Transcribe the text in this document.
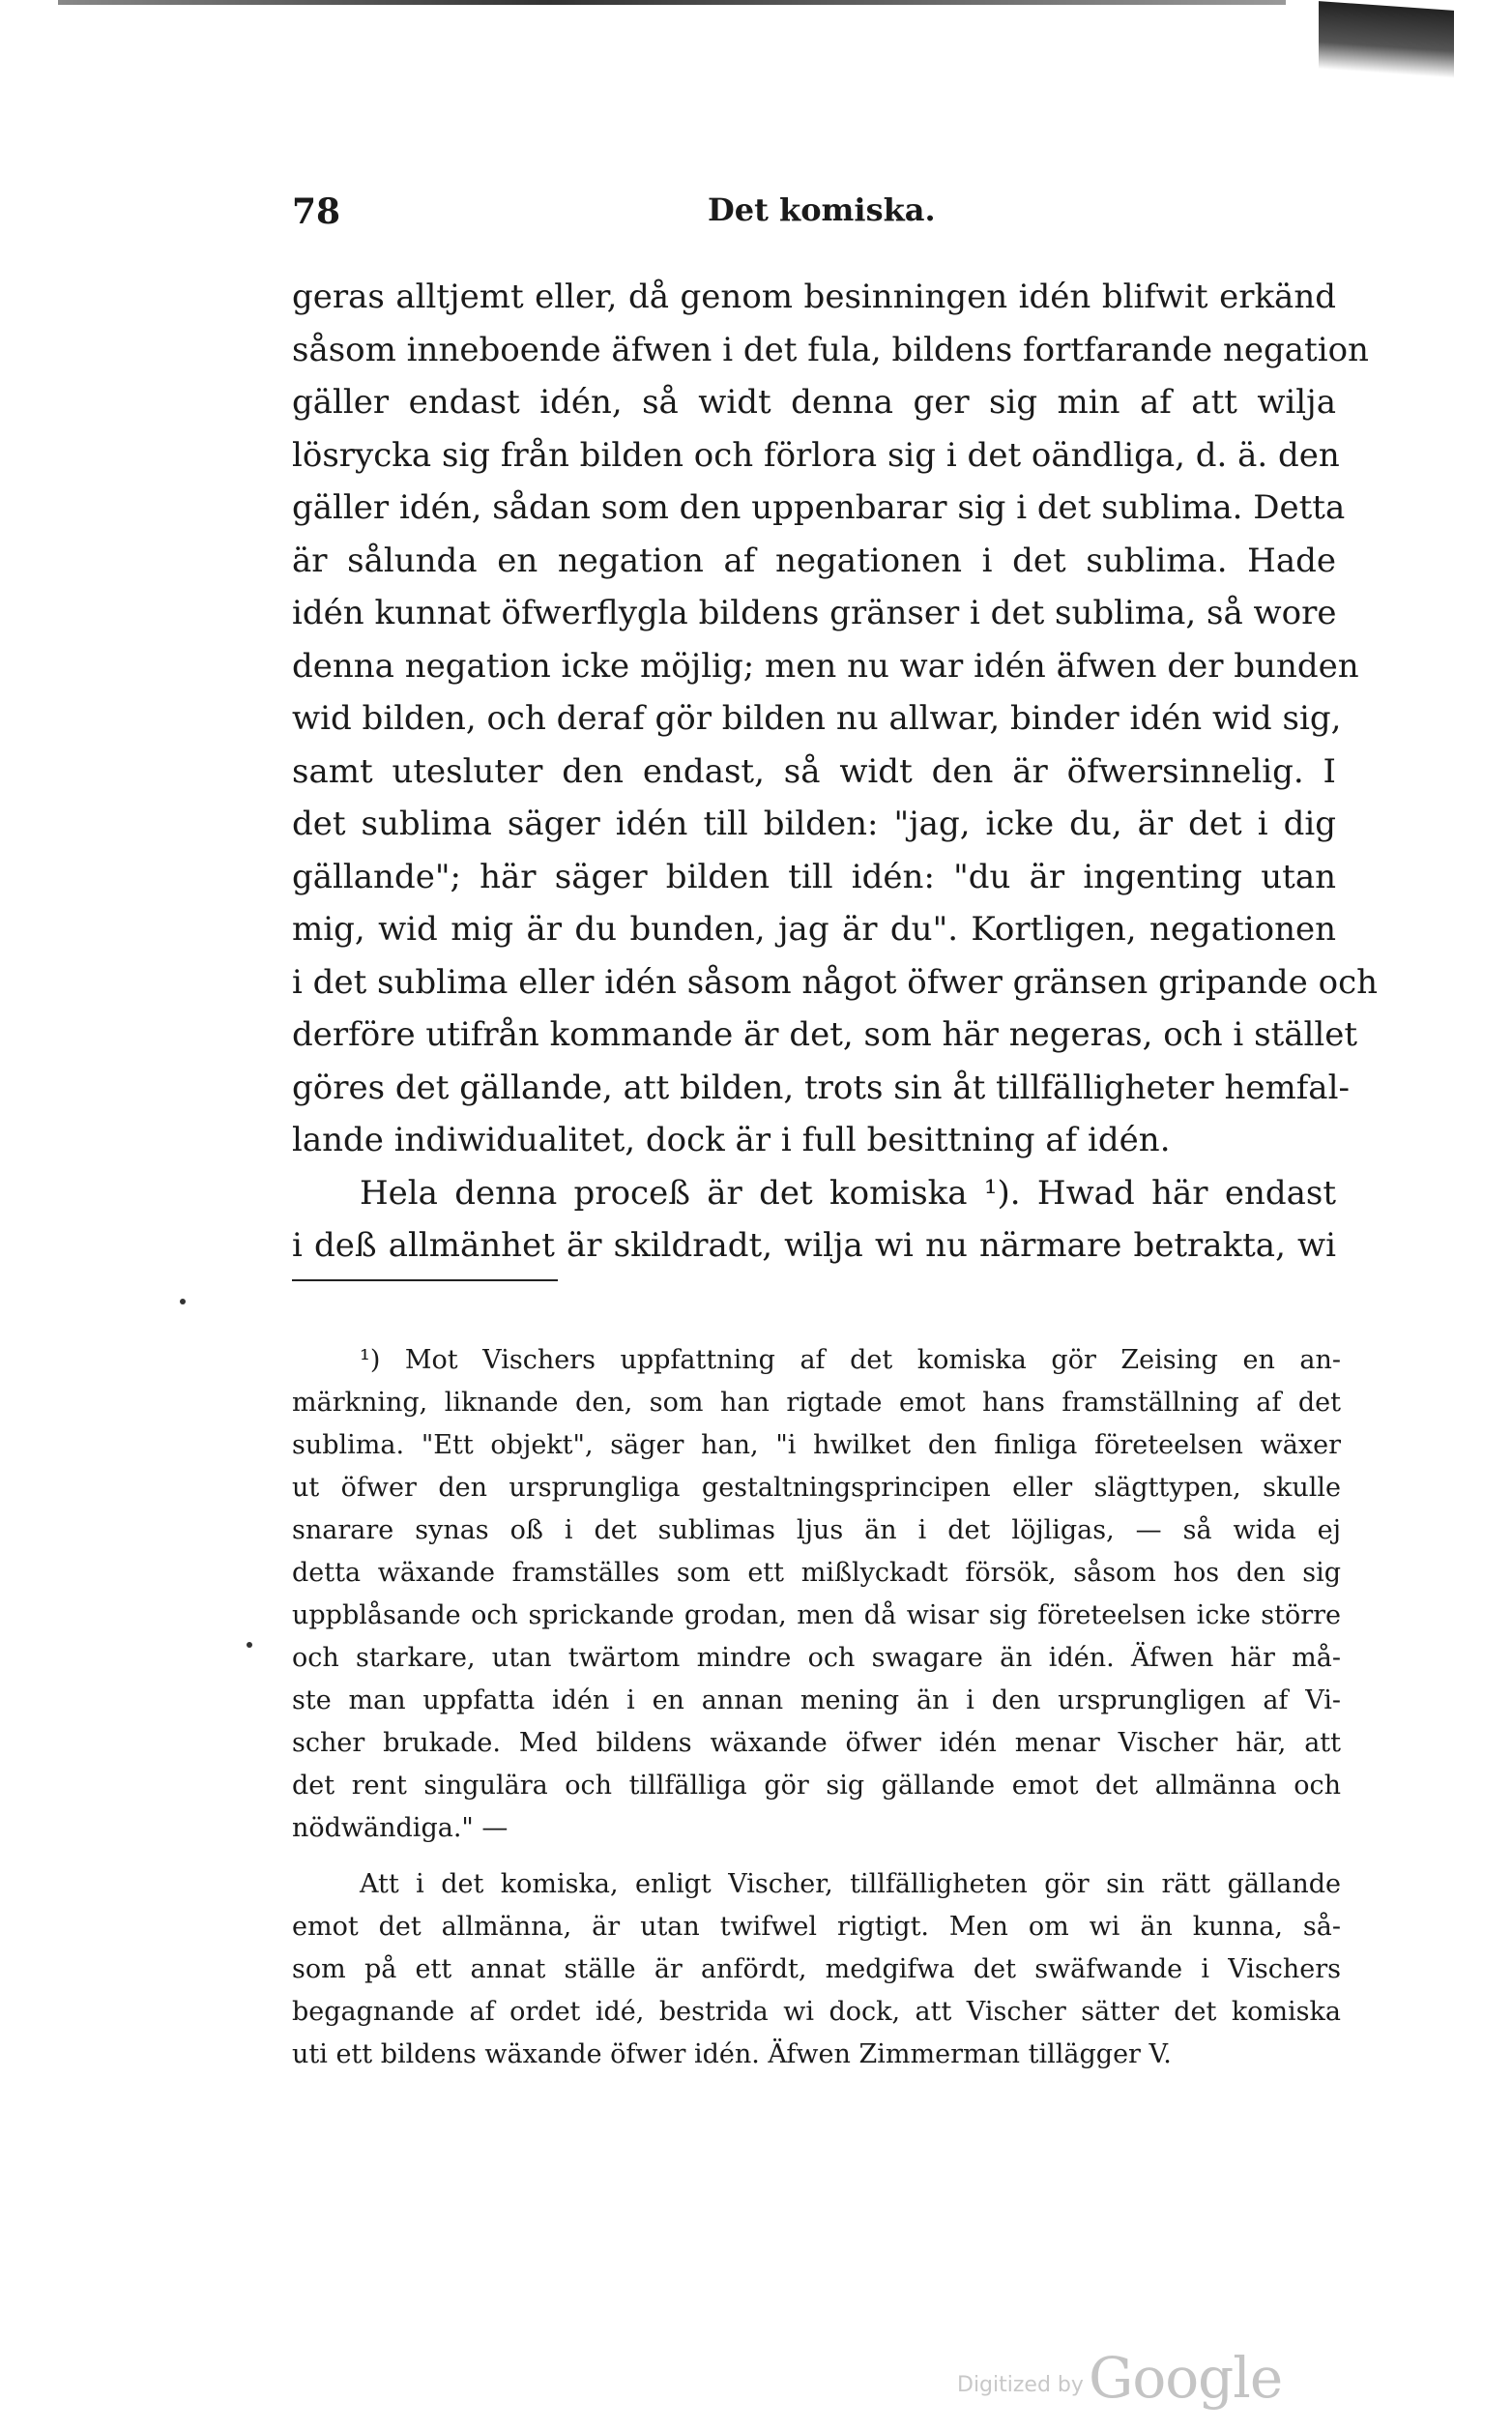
78	Det komiska.
geras alltjemt eller, då genom besinningen idén blifwit erkänd
såsom inneboende äfwen i det fula, bildens fortfarande negation
gäller endast idén, så widt denna ger sig min af att wilja
lösrycka sig från bilden och förlora sig i det oändliga, d. ä. den
gäller idén, sådan som den uppenbarar sig i det sublima. Detta
är sålunda en negation af negationen i det sublima. Hade
idén kunnat öfwerflygla bildens gränser i det sublima, så wore
denna negation icke möjlig; men nu war idén äfwen der bunden
wid bilden, och deraf gör bilden nu allwar, binder idén wid sig,
samt utesluter den endast, så widt den är öfwersinnelig. I
det sublima säger idén till bilden: "jag, icke du, är det i dig
gällande"; här säger bilden till idén: "du är ingenting utan
mig, wid mig är du bunden, jag är du". Kortligen, negationen
i det sublima eller idén såsom något öfwer gränsen gripande och
derföre utifrån kommande är det, som här negeras, och i stället
göres det gällande, att bilden, trots sin åt tillfälligheter hemfal-
lande indiwidualitet, dock är i full besittning af idén.
Hela denna proceß är det komiska ¹). Hwad här endast
i deß allmänhet är skildradt, wilja wi nu närmare betrakta, wi
¹) Mot Vischers uppfattning af det komiska gör Zeising en an-
märkning, liknande den, som han rigtade emot hans framställning af det
sublima. "Ett objekt", säger han, "i hwilket den finliga företeelsen wäxer
ut öfwer den ursprungliga gestaltningsprincipen eller slägttypen, skulle
snarare synas oß i det sublimas ljus än i det löjligas, — så wida ej
detta wäxande framställes som ett mißlyckadt försök, såsom hos den sig
uppblåsande och sprickande grodan, men då wisar sig företeelsen icke större
och starkare, utan twärtom mindre och swagare än idén. Äfwen här må-
ste man uppfatta idén i en annan mening än i den ursprungligen af Vi-
scher brukade. Med bildens wäxande öfwer idén menar Vischer här, att
det rent singulära och tillfälliga gör sig gällande emot det allmänna och
nödwändiga." —
Att i det komiska, enligt Vischer, tillfälligheten gör sin rätt gällande
emot det allmänna, är utan twifwel rigtigt. Men om wi än kunna, så-
som på ett annat ställe är anfördt, medgifwa det swäfwande i Vischers
begagnande af ordet idé, bestrida wi dock, att Vischer sätter det komiska
uti ett bildens wäxande öfwer idén. Äfwen Zimmerman tillägger V.
Digitized by Google
